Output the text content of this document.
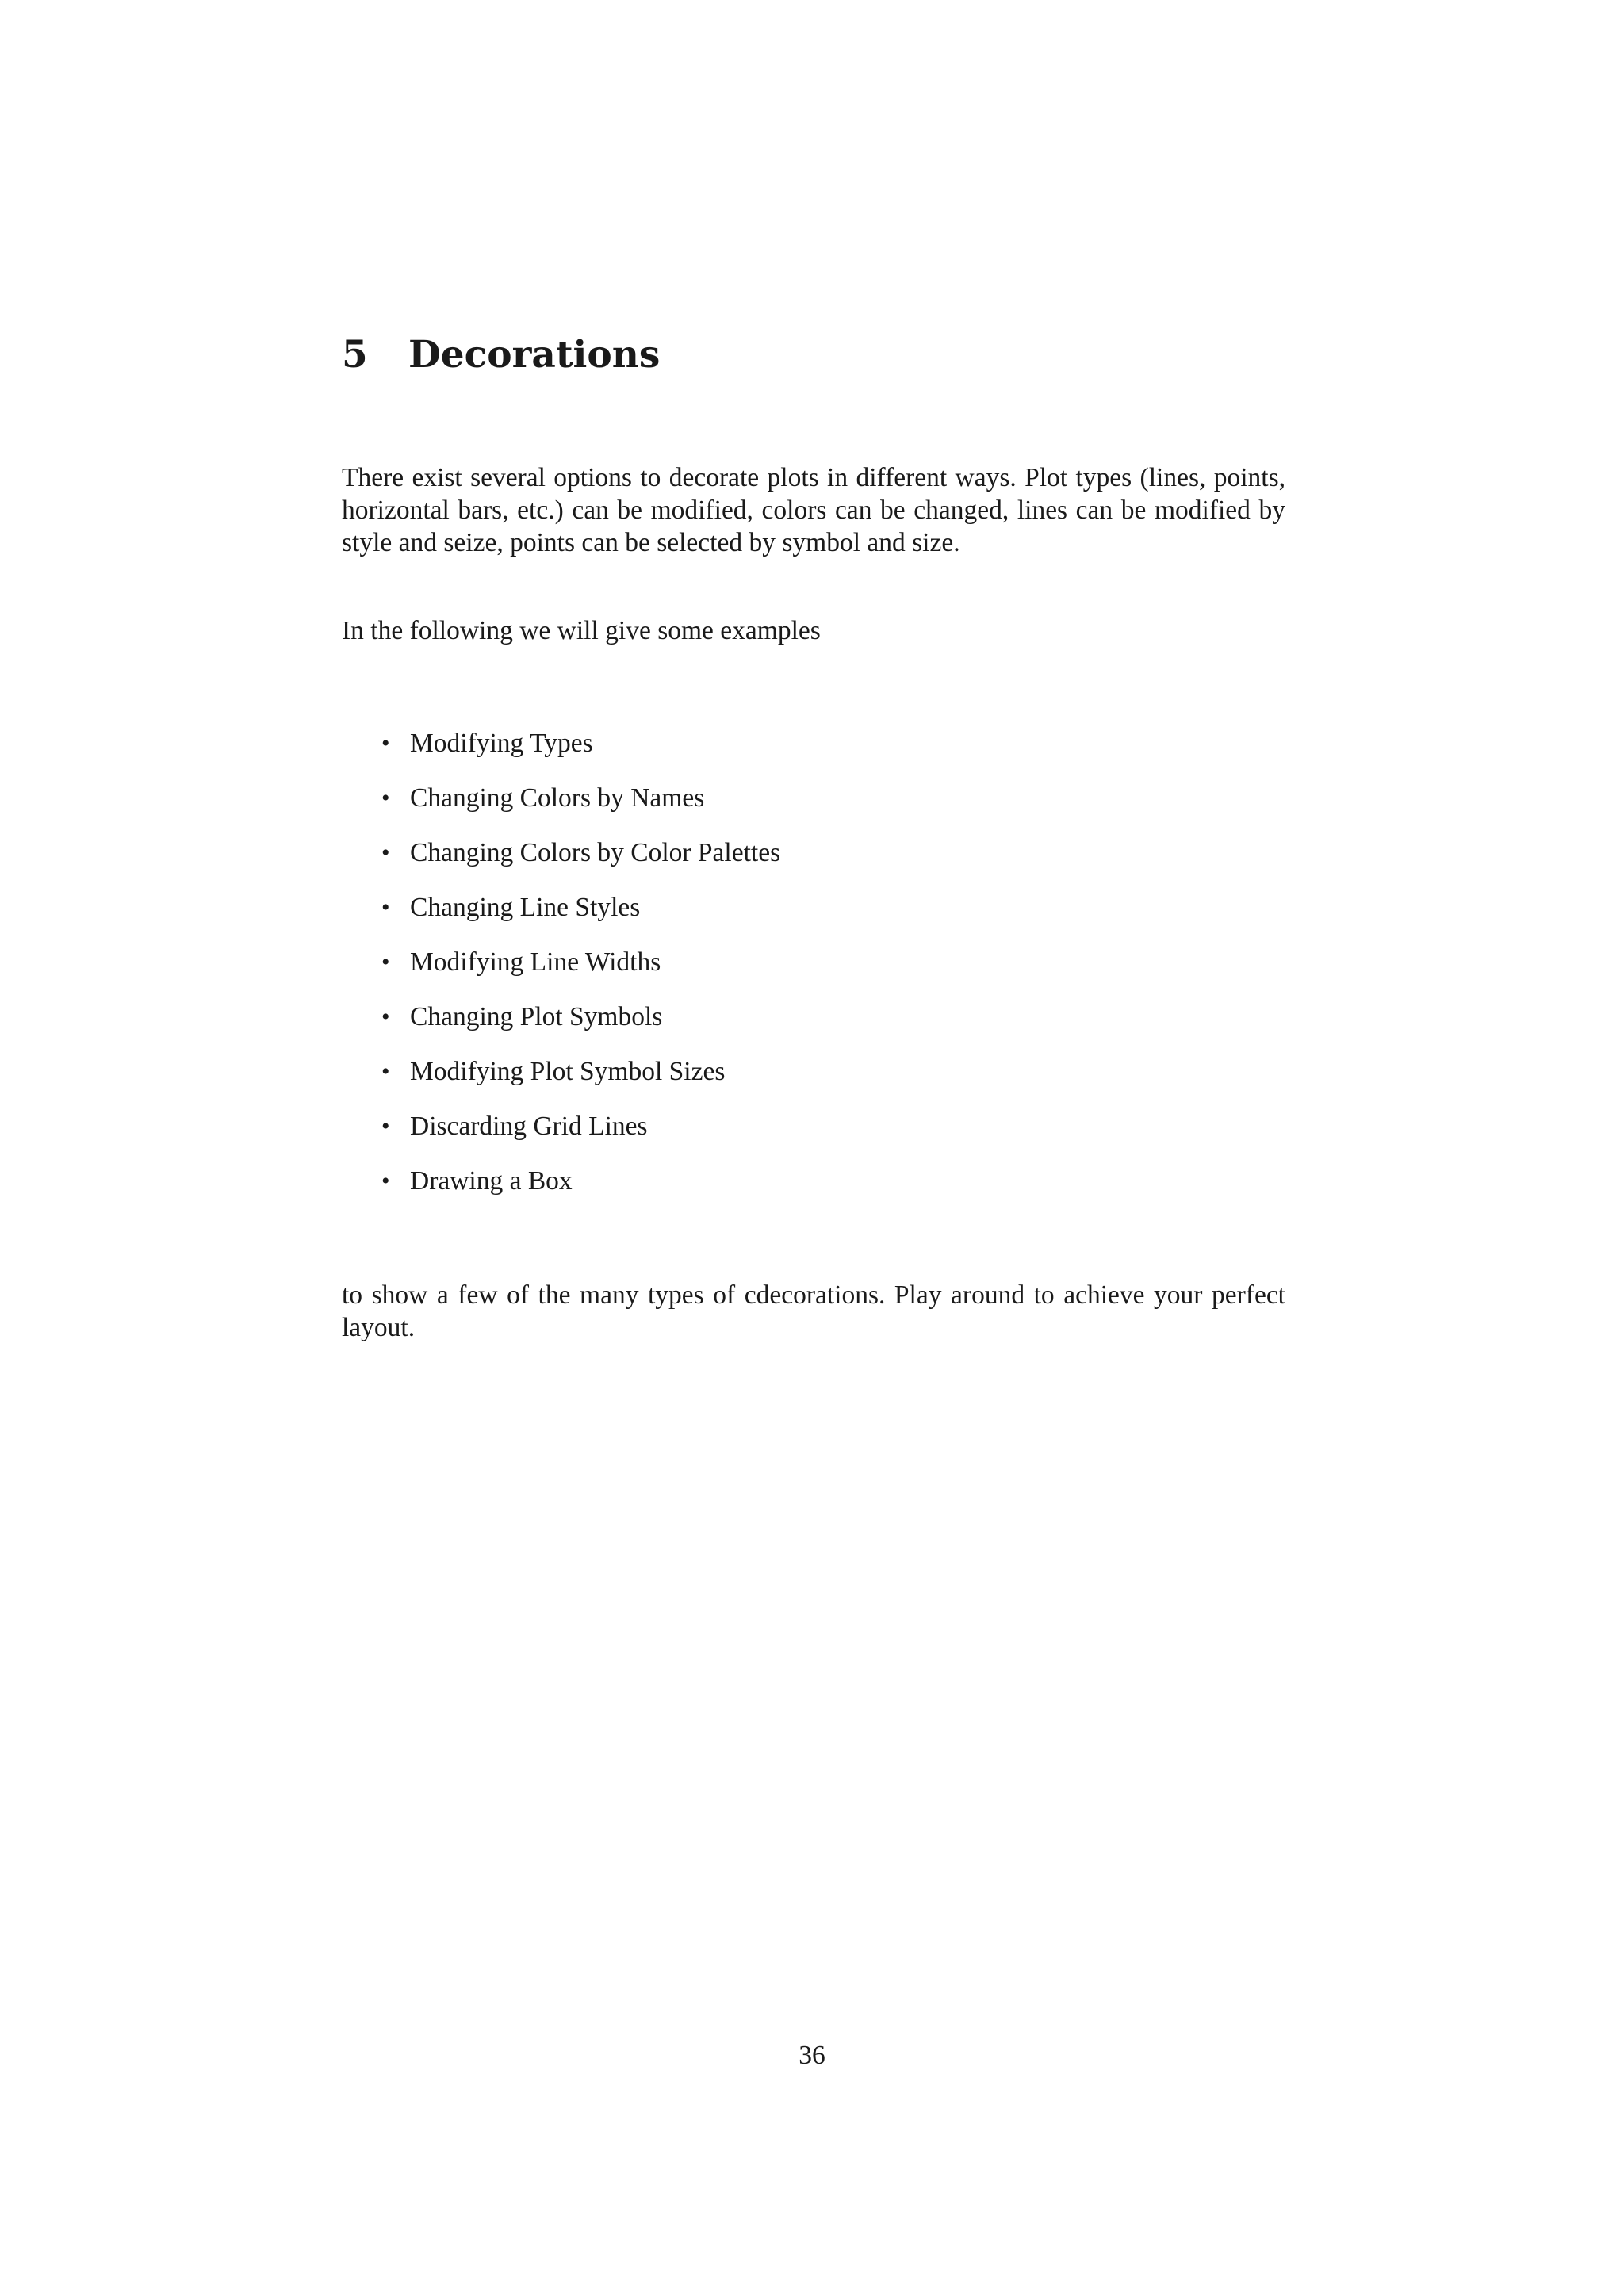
5 Decorations

There exist several options to decorate plots in different ways. Plot types (lines, points, horizontal bars, etc.) can be modified, colors can be changed, lines can be modified by style and seize, points can be selected by symbol and size.

In the following we will give some examples

• Modifying Types
• Changing Colors by Names
• Changing Colors by Color Palettes
• Changing Line Styles
• Modifying Line Widths
• Changing Plot Symbols
• Modifying Plot Symbol Sizes
• Discarding Grid Lines
• Drawing a Box

to show a few of the many types of cdecorations. Play around to achieve your perfect layout.

36
